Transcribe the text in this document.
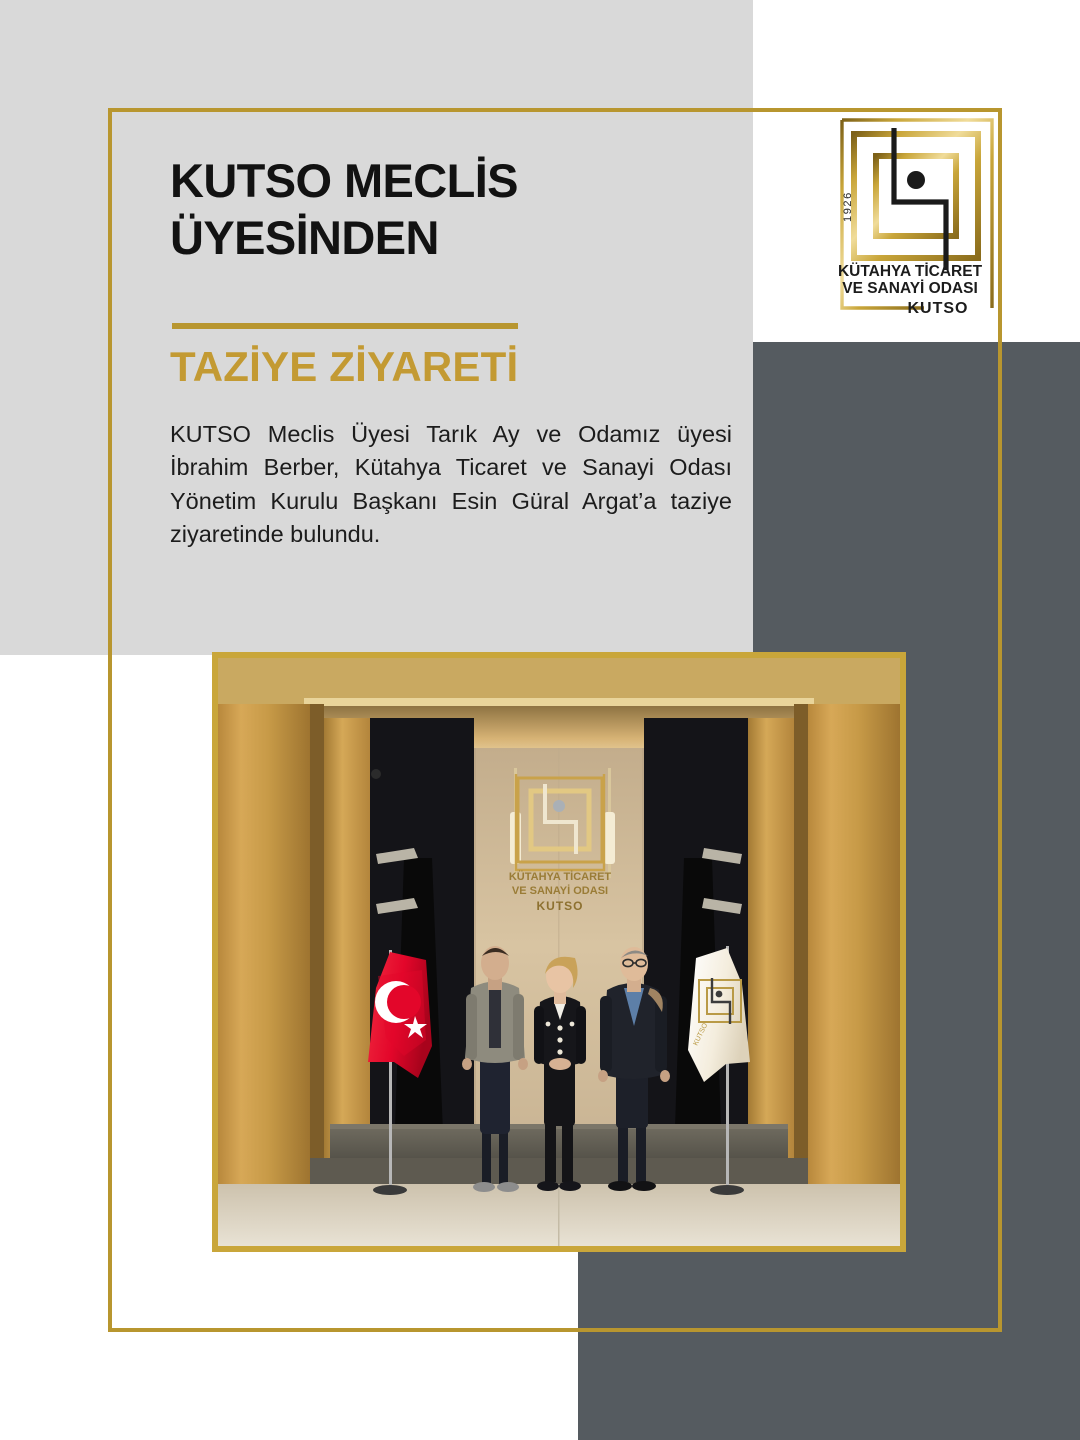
KUTSO MECLİS ÜYESİNDEN
TAZİYE ZİYARETİ

KUTSO Meclis Üyesi Tarık Ay ve Odamız üyesi İbrahim Berber, Kütahya Ticaret ve Sanayi Odası Yönetim Kurulu Başkanı Esin Güral Argat’a taziye ziyaretinde bulundu.

1926
KÜTAHYA TİCARET
VE SANAYİ ODASI
KUTSO
KÜTAHYA TİCARET
VE SANAYİ ODASI
KUTSO
KUTSO
